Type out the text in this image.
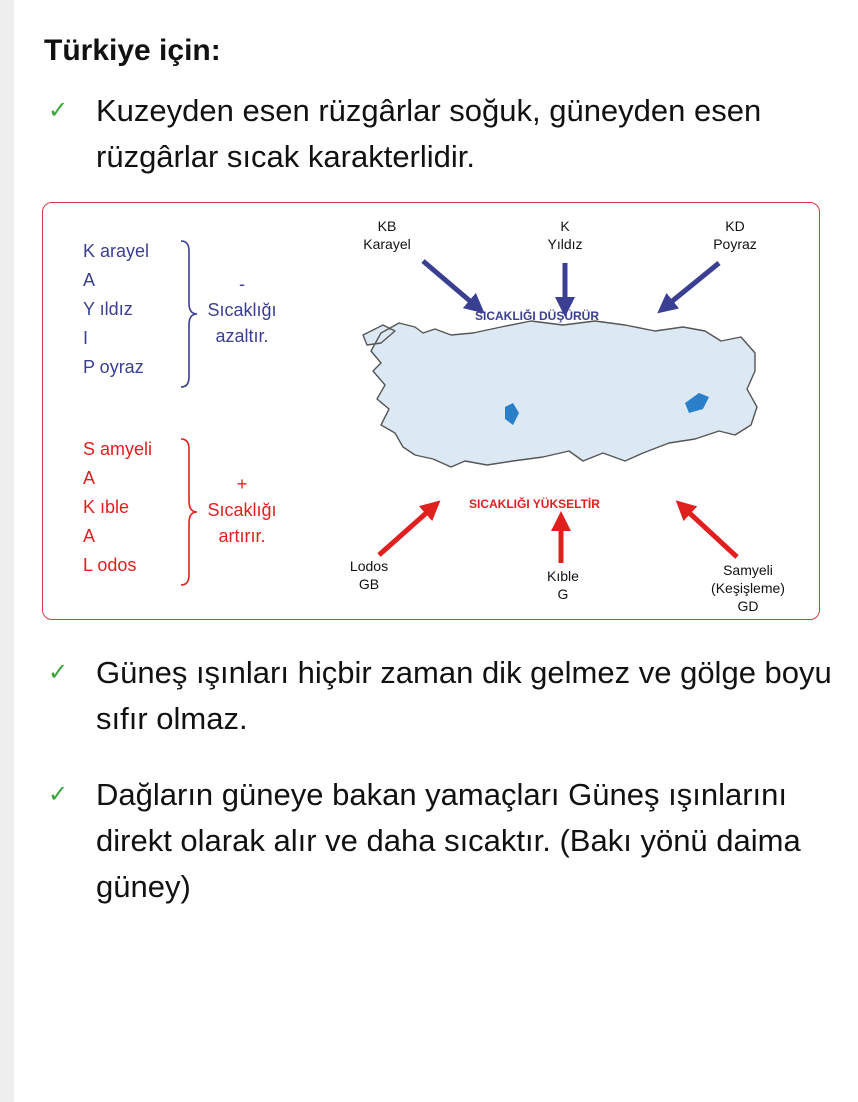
Türkiye için:
✓ Kuzeyden esen rüzgârlar soğuk, güneyden esen rüzgârlar sıcak karakterlidir.
K arayel
A
Y ıldız
I
P oyraz
-
Sıcaklığı
azaltır.
S amyeli
A
K ıble
A
L odos
+
Sıcaklığı
artırır.
SICAKLIĞI DÜŞÜRÜR
SICAKLIĞI YÜKSELTİR
KB
Karayel
K
Yıldız
KD
Poyraz
Lodos
GB	Kıble
G
Samyeli
(Keşişleme)
GD
✓ Güneş ışınları hiçbir zaman dik gelmez ve gölge boyu sıfır olmaz.
✓ Dağların güneye bakan yamaçları Güneş ışınlarını direkt olarak alır ve daha sıcaktır. (Bakı yönü daima güney)
